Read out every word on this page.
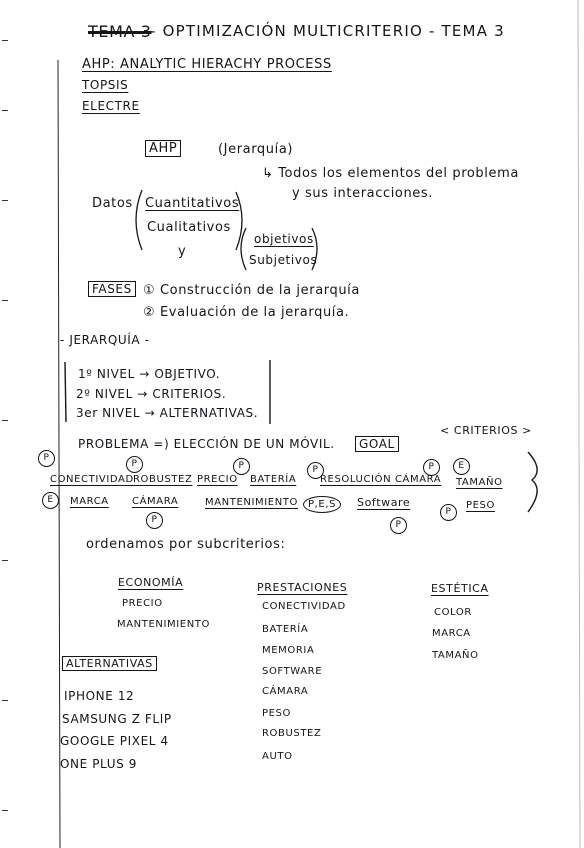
TEMA 3
- OPTIMIZACIÓN MULTICRITERIO - TEMA 3
AHP: ANALYTIC HIERACHY PROCESS
TOPSIS
ELECTRE
AHP	(Jerarquía)
↳ Todos los elementos del problema
y sus interacciones.
Datos Cuantitativos
Cualitativos
y
objetivos
Subjetivos
FASES ① Construcción de la jerarquía
② Evaluación de la jerarquía.
- JERARQUÍA -
1º NIVEL → OBJETIVO.
2º NIVEL → CRITERIOS.
3er NIVEL → ALTERNATIVAS.
PROBLEMA =) ELECCIÓN DE UN MÓVIL.	GOAL
< CRITERIOS >
P
P	P	P	P	E
CONECTIVIDAD ROBUSTEZ PRECIO BATERÍA RESOLUCIÓN CÁMARA TAMAÑO
E	MARCA CÁMARA	MANTENIMIENTO	P,E,S	Software
P
PESO
P	P
ordenamos por subcriterios:
ECONOMÍA
PRECIO
MANTENIMIENTO
PRESTACIONES
CONECTIVIDAD
BATERÍA
MEMORIA
SOFTWARE
CÁMARA
PESO
ROBUSTEZ
AUTO
ESTÉTICA
COLOR
MARCA
TAMAÑO
ALTERNATIVAS
IPHONE 12
SAMSUNG Z FLIP
GOOGLE PIXEL 4
ONE PLUS 9
